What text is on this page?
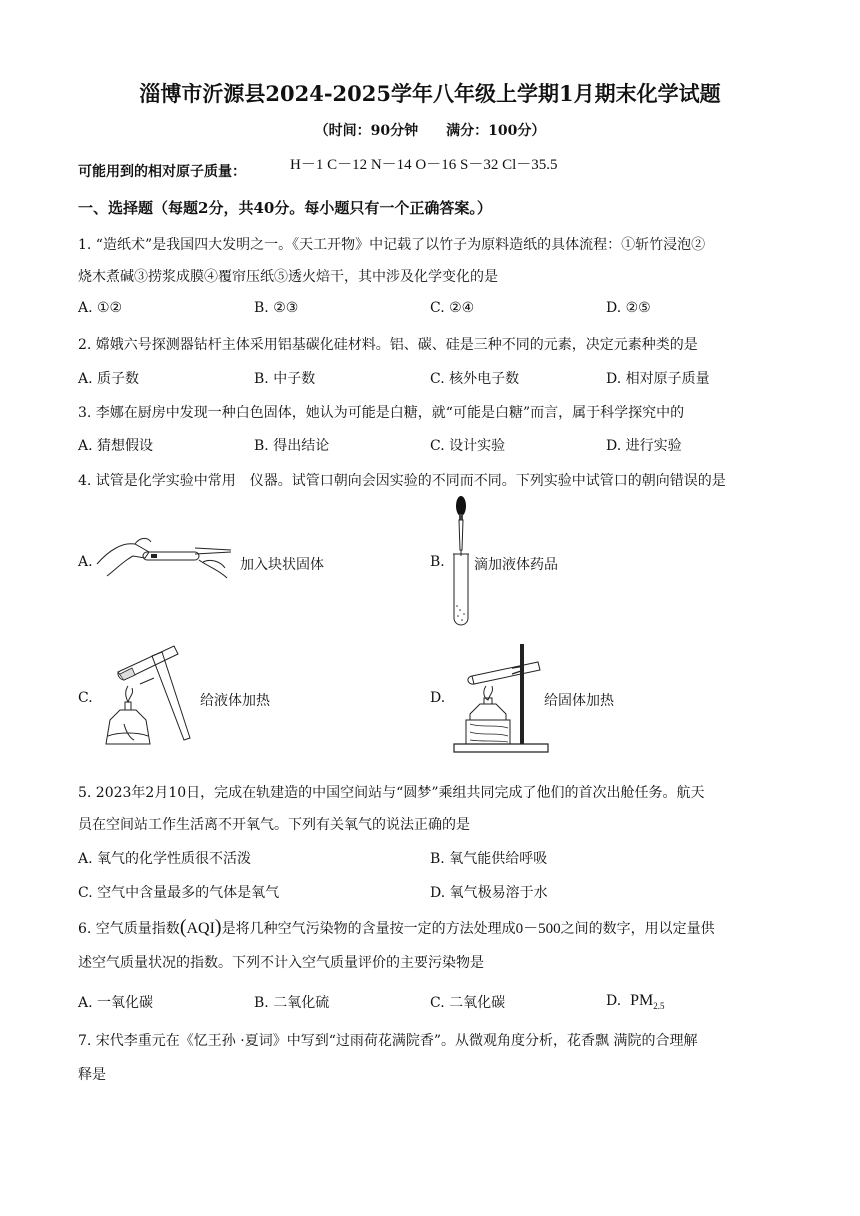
淄博市沂源县2024-2025学年八年级上学期1月期末化学试题
（时间：90分钟　　满分：100分）
可能用到的相对原子质量：	H－1 C－12 N－14 O－16 S－32 Cl－35.5
一、选择题（每题2分，共40分。每小题只有一个正确答案。）
1. “造纸术”是我国四大发明之一。《天工开物》中记载了以竹子为原料造纸的具体流程：①斩竹浸泡②
烧木煮碱③捞浆成膜④覆帘压纸⑤透火焙干，其中涉及化学变化的是
A. ①②	B. ②③	C. ②④	D. ②⑤
2. 嫦娥六号探测器钻杆主体采用铝基碳化硅材料。铝、碳、硅是三种不同的元素，决定元素种类的是
A. 质子数	B. 中子数	C. 核外电子数	D. 相对原子质量
3. 李娜在厨房中发现一种白色固体，她认为可能是白糖，就“可能是白糖”而言，属于科学探究中的
A. 猜想假设	B. 得出结论	C. 设计实验	D. 进行实验
4. 试管是化学实验中常用　仪器。试管口朝向会因实验的不同而不同。下列实验中试管口的朝向错误的是
A.	加入块状固体	B. 滴加液体药品
C.	给液体加热	D.	给固体加热
5. 2023年2月10日，完成在轨建造的中国空间站与“圆梦”乘组共同完成了他们的首次出舱任务。航天
员在空间站工作生活离不开氧气。下列有关氧气的说法正确的是
A. 氧气的化学性质很不活泼	B. 氧气能供给呼吸
C. 空气中含量最多的气体是氧气	D. 氧气极易溶于水
6. 空气质量指数(AQI)是将几种空气污染物的含量按一定的方法处理成0－500之间的数字，用以定量供
述空气质量状况的指数。下列不计入空气质量评价的主要污染物是
A. 一氧化碳	B. 二氧化硫	C. 二氧化碳	D. $PM_{2.5}$
7. 宋代李重元在《忆王孙 ·夏词》中写到“过雨荷花满院香”。从微观角度分析，花香飘 满院的合理解
释是
